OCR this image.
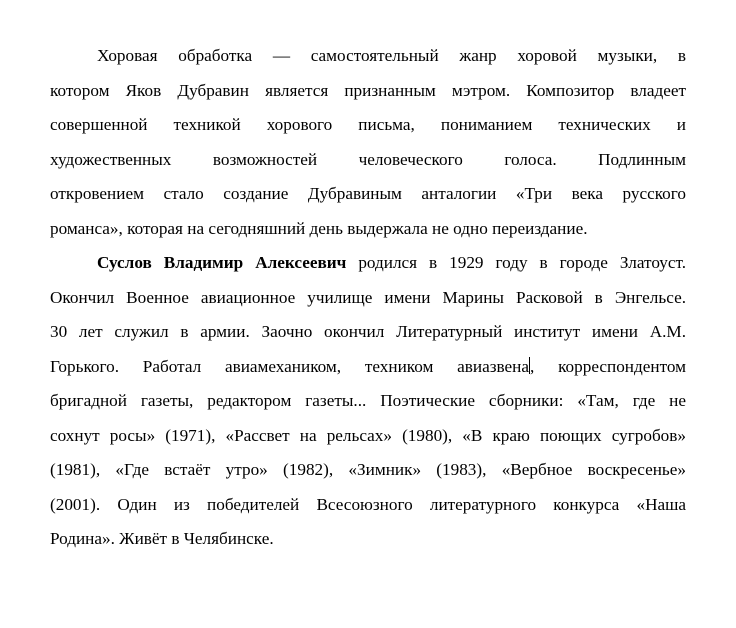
Хоровая обработка — самостоятельный жанр хоровой музыки, в
котором Яков Дубравин является признанным мэтром. Композитор владеет
совершенной техникой хорового письма, пониманием технических и
художественных возможностей человеческого голоса. Подлинным
откровением стало создание Дубравиным анталогии «Три века русского
романса», которая на сегодняшний день выдержала не одно переиздание.

Суслов Владимир Алексеевич родился в 1929 году в городе Златоуст.
Окончил Военное авиационное училище имени Марины Расковой в Энгельсе.
30 лет служил в армии. Заочно окончил Литературный институт имени А.М.
Горького. Работал авиамехаником, техником авиазвена, корреспондентом
бригадной газеты, редактором газеты... Поэтические сборники: «Там, где не
сохнут росы» (1971), «Рассвет на рельсах» (1980), «В краю поющих сугробов»
(1981), «Где встаёт утро» (1982), «Зимник» (1983), «Вербное воскресенье»
(2001). Один из победителей Всесоюзного литературного конкурса «Наша
Родина». Живёт в Челябинске.
